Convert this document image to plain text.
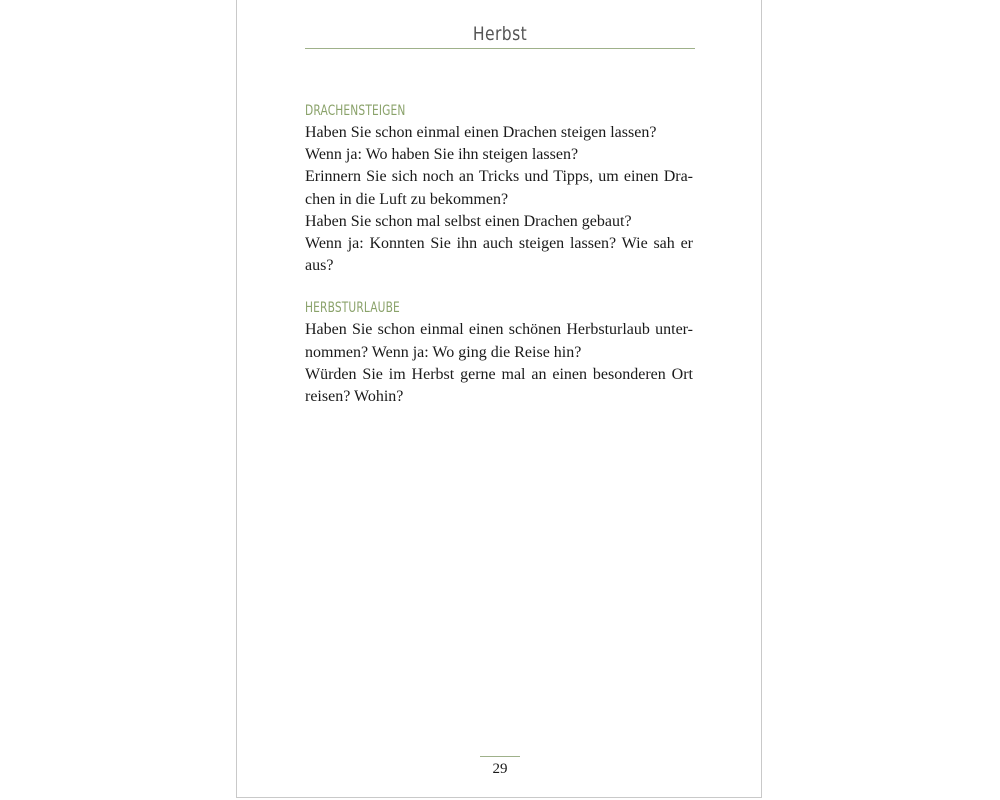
Herbst
DRACHENSTEIGEN
Haben Sie schon einmal einen Drachen steigen lassen?
Wenn ja: Wo haben Sie ihn steigen lassen?
Erinnern Sie sich noch an Tricks und Tipps, um einen Dra-
chen in die Luft zu bekommen?
Haben Sie schon mal selbst einen Drachen gebaut?
Wenn ja: Konnten Sie ihn auch steigen lassen? Wie sah er
aus?
HERBSTURLAUBE
Haben Sie schon einmal einen schönen Herbsturlaub unter-
nommen? Wenn ja: Wo ging die Reise hin?
Würden Sie im Herbst gerne mal an einen besonderen Ort
reisen? Wohin?
29
